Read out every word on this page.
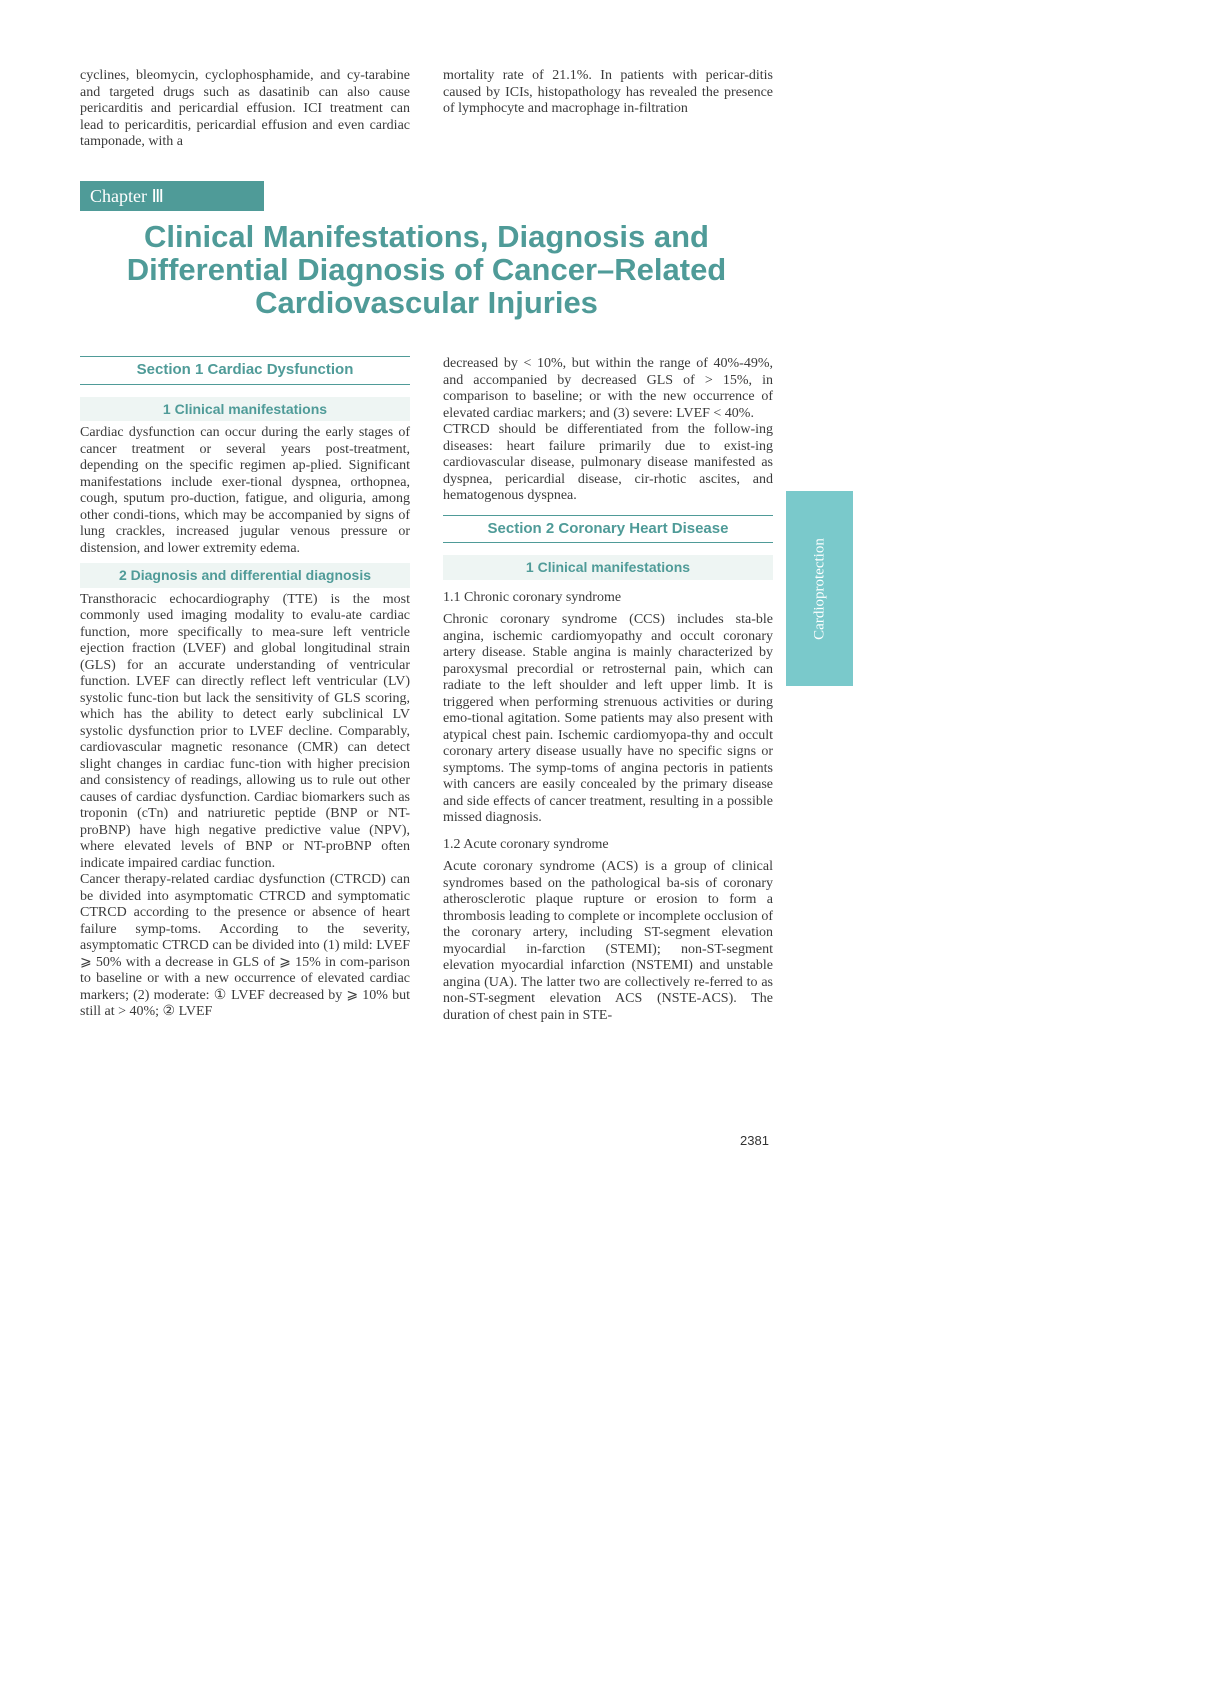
cyclines, bleomycin, cyclophosphamide, and cy-tarabine and targeted drugs such as dasatinib can also cause pericarditis and pericardial effusion. ICI treatment can lead to pericarditis, pericardial effusion and even cardiac tamponade, with a

mortality rate of 21.1%. In patients with pericar-ditis caused by ICIs, histopathology has revealed the presence of lymphocyte and macrophage in-filtration

Chapter Ⅲ
Clinical Manifestations, Diagnosis and
Differential Diagnosis of Cancer–Related
Cardiovascular Injuries
Section 1 Cardiac Dysfunction
1 Clinical manifestations

Cardiac dysfunction can occur during the early stages of cancer treatment or several years post-treatment, depending on the specific regimen ap-plied. Significant manifestations include exer-tional dyspnea, orthopnea, cough, sputum pro-duction, fatigue, and oliguria, among other condi-tions, which may be accompanied by signs of lung crackles, increased jugular venous pressure or distension, and lower extremity edema.

2 Diagnosis and differential diagnosis

Transthoracic echocardiography (TTE) is the most commonly used imaging modality to evalu-ate cardiac function, more specifically to mea-sure left ventricle ejection fraction (LVEF) and global longitudinal strain (GLS) for an accurate understanding of ventricular function. LVEF can directly reflect left ventricular (LV) systolic func-tion but lack the sensitivity of GLS scoring, which has the ability to detect early subclinical LV systolic dysfunction prior to LVEF decline. Comparably, cardiovascular magnetic resonance (CMR) can detect slight changes in cardiac func-tion with higher precision and consistency of readings, allowing us to rule out other causes of cardiac dysfunction. Cardiac biomarkers such as troponin (cTn) and natriuretic peptide (BNP or NT-proBNP) have high negative predictive value (NPV), where elevated levels of BNP or NT-proBNP often indicate impaired cardiac function.

Cancer therapy-related cardiac dysfunction (CTRCD) can be divided into asymptomatic CTRCD and symptomatic CTRCD according to the presence or absence of heart failure symp-toms. According to the severity, asymptomatic CTRCD can be divided into (1) mild: LVEF ⩾ 50% with a decrease in GLS of ⩾ 15% in com-parison to baseline or with a new occurrence of elevated cardiac markers; (2) moderate: ① LVEF decreased by ⩾ 10% but still at > 40%; ② LVEF

decreased by < 10%, but within the range of 40%-49%, and accompanied by decreased GLS of > 15%, in comparison to baseline; or with the new occurrence of elevated cardiac markers; and (3) severe: LVEF < 40%.

CTRCD should be differentiated from the follow-ing diseases: heart failure primarily due to exist-ing cardiovascular disease, pulmonary disease manifested as dyspnea, pericardial disease, cir-rhotic ascites, and hematogenous dyspnea.

Section 2 Coronary Heart Disease
1 Clinical manifestations
1.1 Chronic coronary syndrome

Chronic coronary syndrome (CCS) includes sta-ble angina, ischemic cardiomyopathy and occult coronary artery disease. Stable angina is mainly characterized by paroxysmal precordial or retrosternal pain, which can radiate to the left shoulder and left upper limb. It is triggered when performing strenuous activities or during emo-tional agitation. Some patients may also present with atypical chest pain. Ischemic cardiomyopa-thy and occult coronary artery disease usually have no specific signs or symptoms. The symp-toms of angina pectoris in patients with cancers are easily concealed by the primary disease and side effects of cancer treatment, resulting in a possible missed diagnosis.

1.2 Acute coronary syndrome

Acute coronary syndrome (ACS) is a group of clinical syndromes based on the pathological ba-sis of coronary atherosclerotic plaque rupture or erosion to form a thrombosis leading to complete or incomplete occlusion of the coronary artery, including ST-segment elevation myocardial in-farction (STEMI); non-ST-segment elevation myocardial infarction (NSTEMI) and unstable angina (UA). The latter two are collectively re-ferred to as non-ST-segment elevation ACS (NSTE-ACS). The duration of chest pain in STE-

Cardioprotection
2381
